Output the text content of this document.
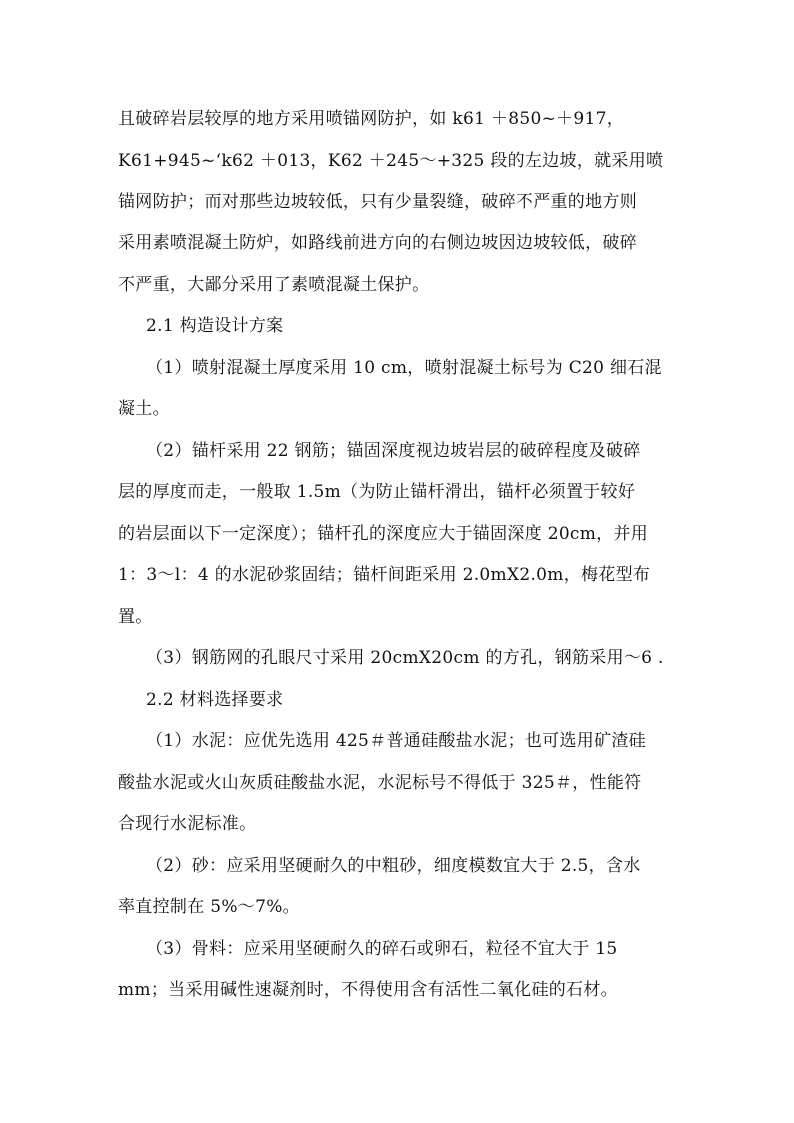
且破碎岩层较厚的地方采用喷锚网防护，如 k61 ＋850~＋917，
K61+945~‘k62 ＋013，K62 ＋245～+325 段的左边坡，就采用喷
锚网防护；而对那些边坡较低，只有少量裂缝，破碎不严重的地方则
采用素喷混凝土防炉，如路线前进方向的右侧边坡因边坡较低，破碎
不严重，大鄙分采用了素喷混凝土保护。
2.1 构造设计方案
（1）喷射混凝土厚度采用 10 cm，喷射混凝土标号为 C20 细石混
凝土。
（2）锚杆采用 22 钢筋；锚固深度视边坡岩层的破碎程度及破碎
层的厚度而走，一般取 1.5m（为防止锚杆滑出，锚杆必须置于较好
的岩层面以下一定深度）；锚杆孔的深度应大于锚固深度 20cm，并用
1：3～l：4 的水泥砂浆固结；锚杆间距采用 2.0mX2.0m，梅花型布
置。
（3）钢筋网的孔眼尺寸采用 20cmX20cm 的方孔，钢筋采用～6 .
2.2 材料选择要求
（1）水泥：应优先选用 425＃普通硅酸盐水泥；也可选用矿渣硅
酸盐水泥或火山灰质硅酸盐水泥，水泥标号不得低于 325＃，性能符
合现行水泥标准。
（2）砂：应采用坚硬耐久的中粗砂，细度模数宜大于 2.5，含水
率直控制在 5%～7%。
（3）骨料：应采用坚硬耐久的碎石或卵石，粒径不宜大于 15
mm；当采用碱性速凝剂时，不得使用含有活性二氧化硅的石材。
